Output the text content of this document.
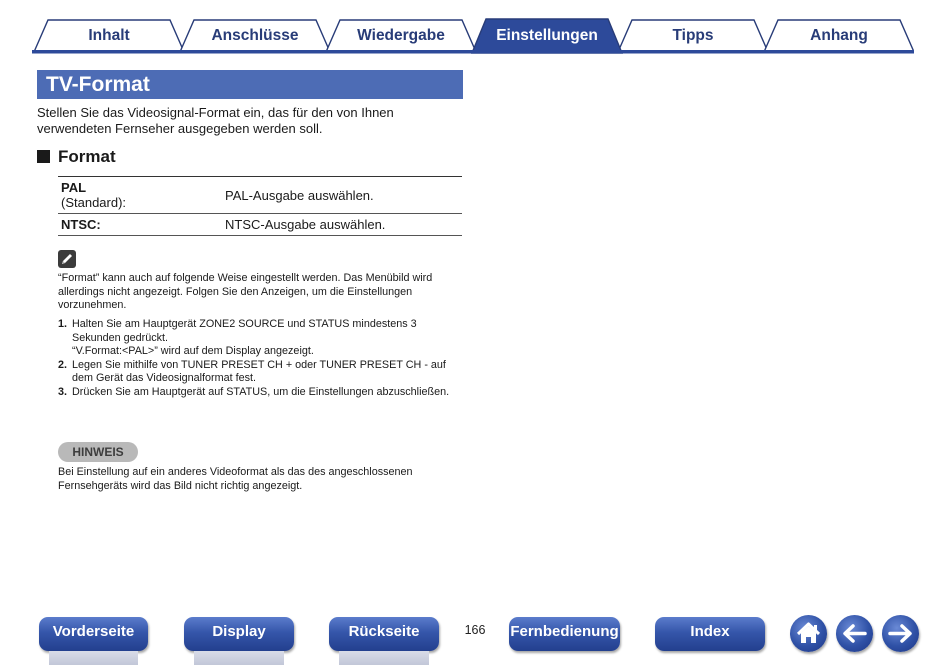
Inhalt	Anschlüsse	Wiedergabe	Einstellungen	Tipps	Anhang
TV-Format
Stellen Sie das Videosignal-Format ein, das für den von Ihnen verwendeten Fernseher ausgegeben werden soll.
Format
PAL
(Standard):	PAL-Ausgabe auswählen.
NTSC:	NTSC-Ausgabe auswählen.
“Format” kann auch auf folgende Weise eingestellt werden. Das Menübild wird allerdings nicht angezeigt. Folgen Sie den Anzeigen, um die Einstellungen vorzunehmen.
1. Halten Sie am Hauptgerät ZONE2 SOURCE und STATUS mindestens 3 Sekunden gedrückt.
“V.Format:<PAL>” wird auf dem Display angezeigt.
2. Legen Sie mithilfe von TUNER PRESET CH + oder TUNER PRESET CH - auf dem Gerät das Videosignalformat fest.
3. Drücken Sie am Hauptgerät auf STATUS, um die Einstellungen abzuschließen.
HINWEIS
Bei Einstellung auf ein anderes Videoformat als das des angeschlossenen Fernsehgeräts wird das Bild nicht richtig angezeigt.
Vorderseite	Display	Rückseite	166	Fernbedienung	Index
